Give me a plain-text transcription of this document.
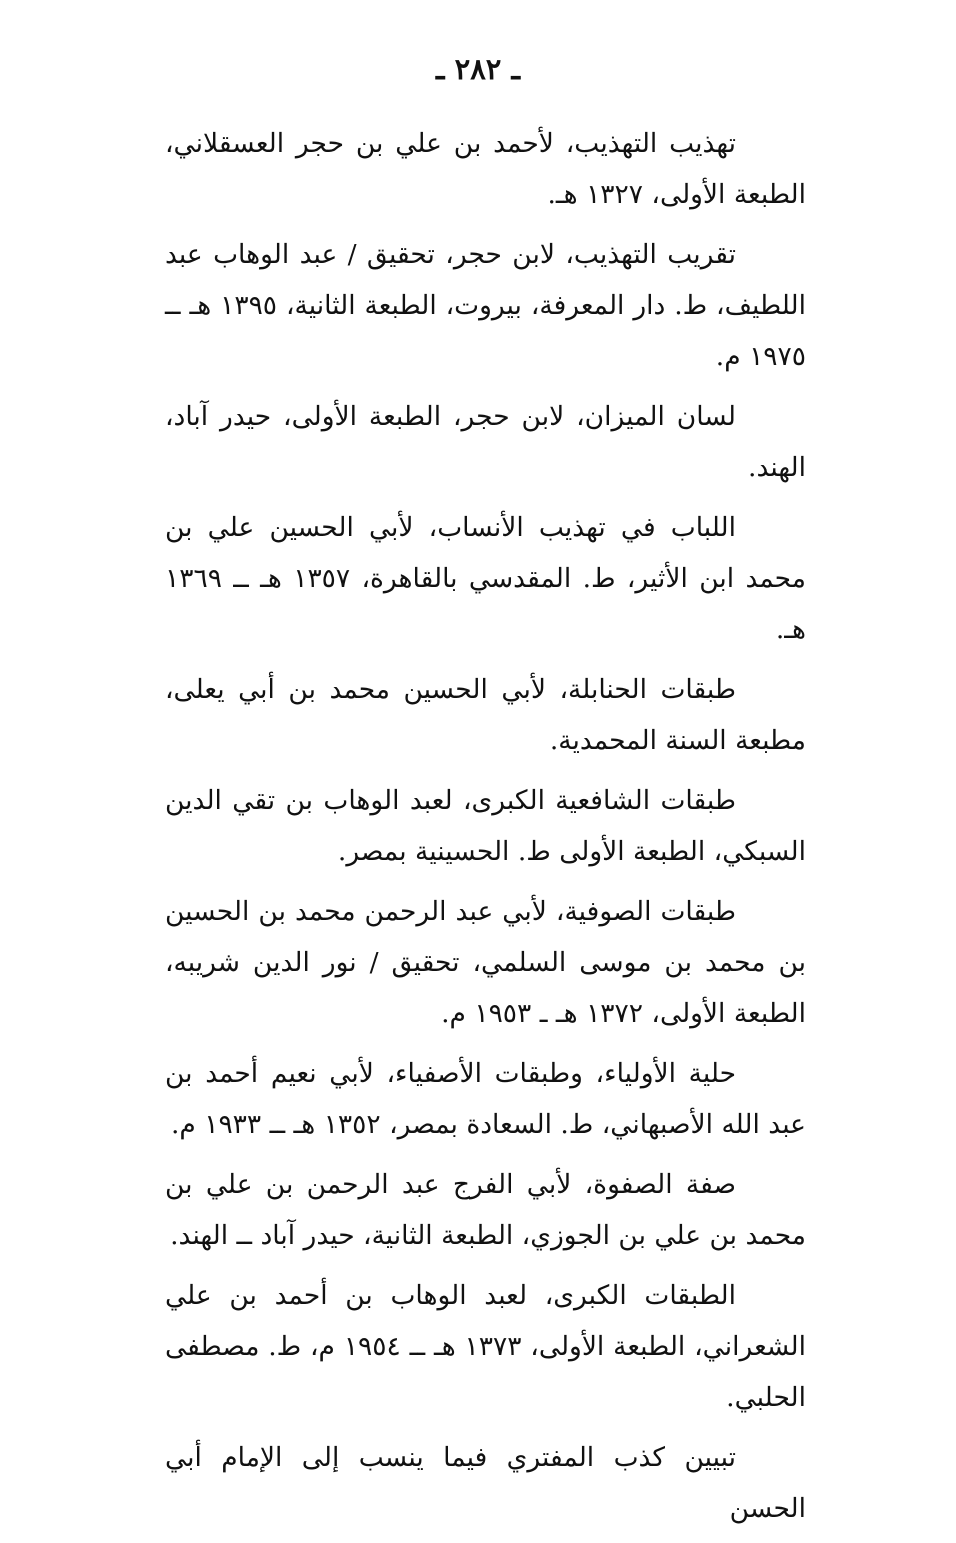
ـ ٢٨٢ ـ

تهذيب التهذيب، لأحمد بن علي بن حجر العسقلاني، الطبعة الأولى، ١٣٢٧ هـ.

تقريب التهذيب، لابن حجر، تحقيق / عبد الوهاب عبد اللطيف، ط. دار المعرفة، بيروت، الطبعة الثانية، ١٣٩٥ هـ ــ ١٩٧٥ م.

لسان الميزان، لابن حجر، الطبعة الأولى، حيدر آباد، الهند.

اللباب في تهذيب الأنساب، لأبي الحسين علي بن محمد ابن الأثير، ط. المقدسي بالقاهرة، ١٣٥٧ هـ ــ ١٣٦٩ هـ.

طبقات الحنابلة، لأبي الحسين محمد بن أبي يعلى، مطبعة السنة المحمدية.

طبقات الشافعية الكبرى، لعبد الوهاب بن تقي الدين السبكي، الطبعة الأولى ط. الحسينية بمصر.

طبقات الصوفية، لأبي عبد الرحمن محمد بن الحسين بن محمد بن موسى السلمي، تحقيق / نور الدين شريبه، الطبعة الأولى، ١٣٧٢ هـ ـ ١٩٥٣ م.

حلية الأولياء، وطبقات الأصفياء، لأبي نعيم أحمد بن عبد الله الأصبهاني، ط. السعادة بمصر، ١٣٥٢ هـ ــ ١٩٣٣ م.

صفة الصفوة، لأبي الفرج عبد الرحمن بن علي بن محمد بن علي بن الجوزي، الطبعة الثانية، حيدر آباد ــ الهند.

الطبقات الكبرى، لعبد الوهاب بن أحمد بن علي الشعراني، الطبعة الأولى، ١٣٧٣ هـ ــ ١٩٥٤ م، ط. مصطفى الحلبي.

تبيين كذب المفتري فيما ينسب إلى الإمام أبي الحسن
